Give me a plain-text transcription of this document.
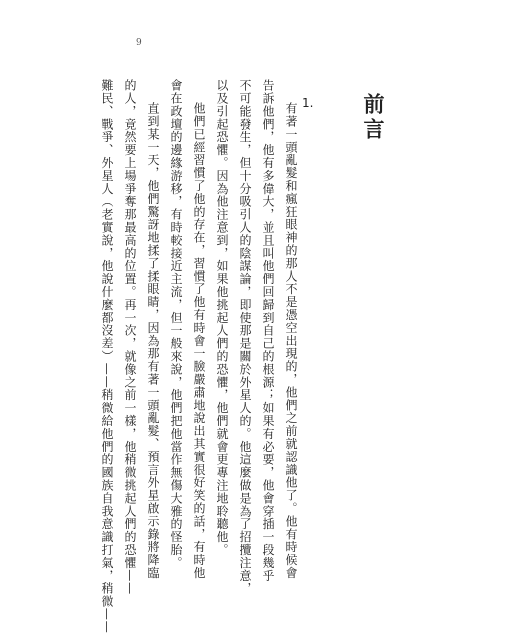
9
前言
1.
有著一頭亂髮和瘋狂眼神的那人不是憑空出現的，他們之前就認識他了。他有時候會
告訴他們，他有多偉大，並且叫他們回歸到自己的根源；如果有必要，他會穿插一段幾乎
不可能發生，但十分吸引人的陰謀論，即使那是關於外星人的。他這麼做是為了招攬注意，
以及引起恐懼。因為他注意到，如果他挑起人們的恐懼，他們就會更專注地聆聽他。
他們已經習慣了他的存在，習慣了他有時會一臉嚴肅地說出其實很好笑的話，有時他
會在政壇的邊緣游移，有時較接近主流，但一般來說，他們把他當作無傷大雅的怪胎。
直到某一天，他們驚訝地揉了揉眼睛，因為那有著一頭亂髮、預言外星啟示錄將降臨
的人，竟然要上場爭奪那最高的位置。再一次，就像之前一樣，他稍微挑起人們的恐懼——
難民、戰爭、外星人（老實說，他說什麼都沒差）——稍微給他們的國族自我意識打氣，稍微——
